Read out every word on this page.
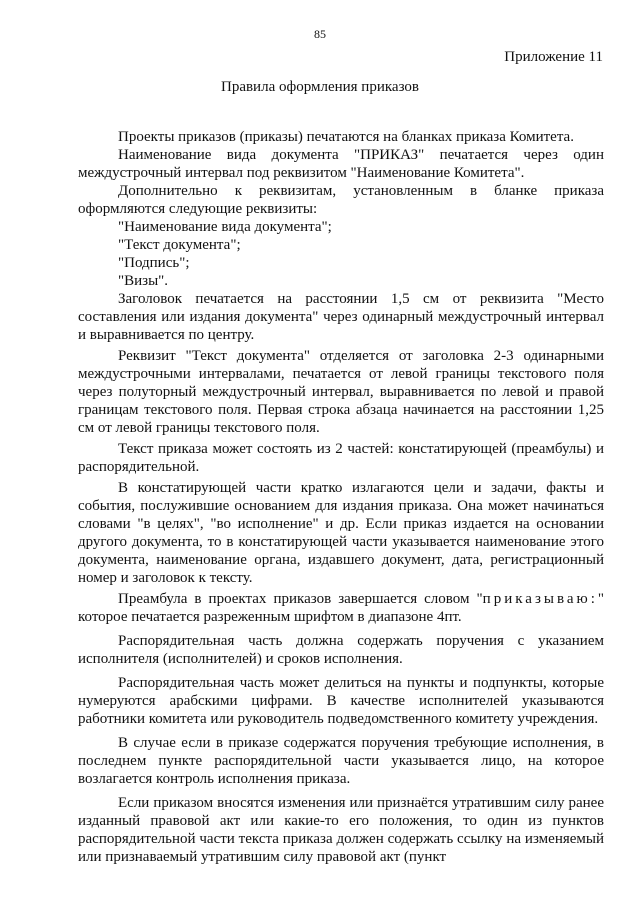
85
Приложение 11
Правила оформления приказов

Проекты приказов (приказы) печатаются на бланках приказа Комитета.

Наименование вида документа "ПРИКАЗ" печатается через один междустрочный интервал под реквизитом "Наименование Комитета".

Дополнительно к реквизитам, установленным в бланке приказа оформляются следующие реквизиты:

"Наименование вида документа";

"Текст документа";

"Подпись";

"Визы".

Заголовок печатается на расстоянии 1,5 см от реквизита "Место составления или издания документа" через одинарный междустрочный интервал и выравнивается по центру.

Реквизит "Текст документа" отделяется от заголовка 2-3 одинарными междустрочными интервалами, печатается от левой границы текстового поля через полуторный междустрочный интервал, выравнивается по левой и правой границам текстового поля. Первая строка абзаца начинается на расстоянии 1,25 см от левой границы текстового поля.

Текст приказа может состоять из 2 частей: констатирующей (преамбулы) и распорядительной.

В констатирующей части кратко излагаются цели и задачи, факты и события, послужившие основанием для издания приказа. Она может начинаться словами "в целях", "во исполнение" и др. Если приказ издается на основании другого документа, то в констатирующей части указывается наименование этого документа, наименование органа, издавшего документ, дата, регистрационный номер и заголовок к тексту.

Преамбула в проектах приказов завершается словом "приказываю:" которое печатается разреженным шрифтом в диапазоне 4пт.

Распорядительная часть должна содержать поручения с указанием исполнителя (исполнителей) и сроков исполнения.

Распорядительная часть может делиться на пункты и подпункты, которые нумеруются арабскими цифрами. В качестве исполнителей указываются работники комитета или руководитель подведомственного комитету учреждения.

В случае если в приказе содержатся поручения требующие исполнения, в последнем пункте распорядительной части указывается лицо, на которое возлагается контроль исполнения приказа.

Если приказом вносятся изменения или признаётся утратившим силу ранее изданный правовой акт или какие-то его положения, то один из пунктов распорядительной части текста приказа должен содержать ссылку на изменяемый или признаваемый утратившим силу правовой акт (пункт
